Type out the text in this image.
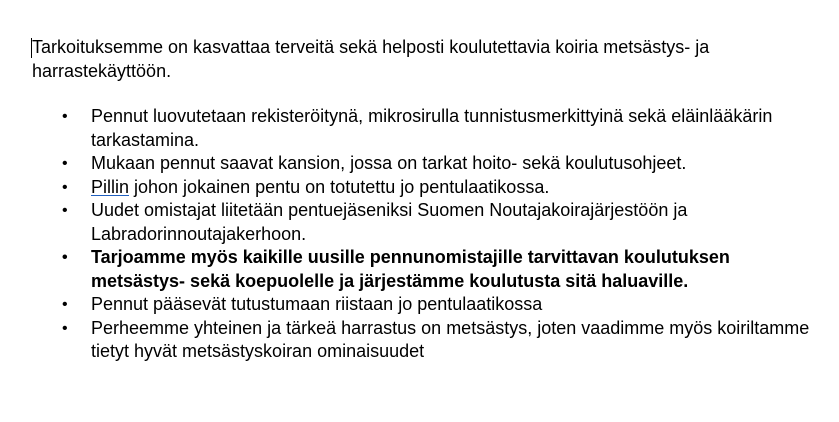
Tarkoituksemme on kasvattaa terveitä sekä helposti koulutettavia koiria metsästys- ja harrastekäyttöön.

• Pennut luovutetaan rekisteröitynä, mikrosirulla tunnistusmerkittyinä sekä eläinlääkärin tarkastamina.
• Mukaan pennut saavat kansion, jossa on tarkat hoito- sekä koulutusohjeet.
• Pillin johon jokainen pentu on totutettu jo pentulaatikossa.
• Uudet omistajat liitetään pentuejäseniksi Suomen Noutajakoirajärjestöön ja Labradorinnoutajakerhoon.
• Tarjoamme myös kaikille uusille pennunomistajille tarvittavan koulutuksen metsästys- sekä koepuolelle ja järjestämme koulutusta sitä haluaville.
• Pennut pääsevät tutustumaan riistaan jo pentulaatikossa
• Perheemme yhteinen ja tärkeä harrastus on metsästys, joten vaadimme myös koiriltamme tietyt hyvät metsästyskoiran ominaisuudet
